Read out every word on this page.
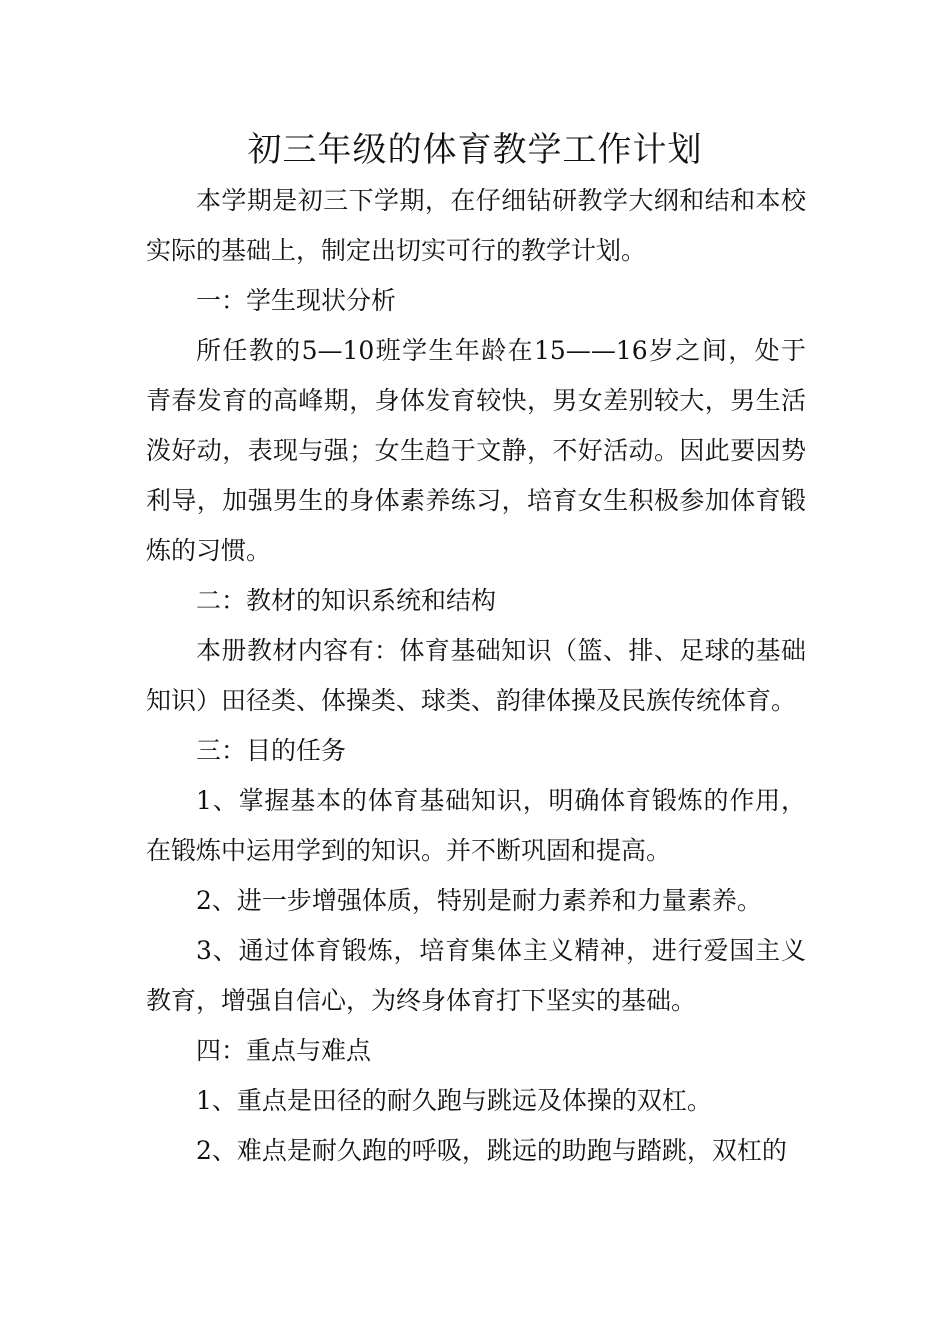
初三年级的体育教学工作计划

本学期是初三下学期，在仔细钻研教学大纲和结和本校实际的基础上，制定出切实可行的教学计划。

一：学生现状分析

所任教的5—10班学生年龄在15——16岁之间，处于青春发育的高峰期，身体发育较快，男女差别较大，男生活泼好动，表现与强；女生趋于文静，不好活动。因此要因势利导，加强男生的身体素养练习，培育女生积极参加体育锻炼的习惯。

二：教材的知识系统和结构

本册教材内容有：体育基础知识（篮、排、足球的基础知识）田径类、体操类、球类、韵律体操及民族传统体育。

三：目的任务

1、掌握基本的体育基础知识，明确体育锻炼的作用，在锻炼中运用学到的知识。并不断巩固和提高。

2、进一步增强体质，特别是耐力素养和力量素养。

3、通过体育锻炼，培育集体主义精神，进行爱国主义教育，增强自信心，为终身体育打下坚实的基础。

四：重点与难点

1、重点是田径的耐久跑与跳远及体操的双杠。

2、难点是耐久跑的呼吸，跳远的助跑与踏跳，双杠的
